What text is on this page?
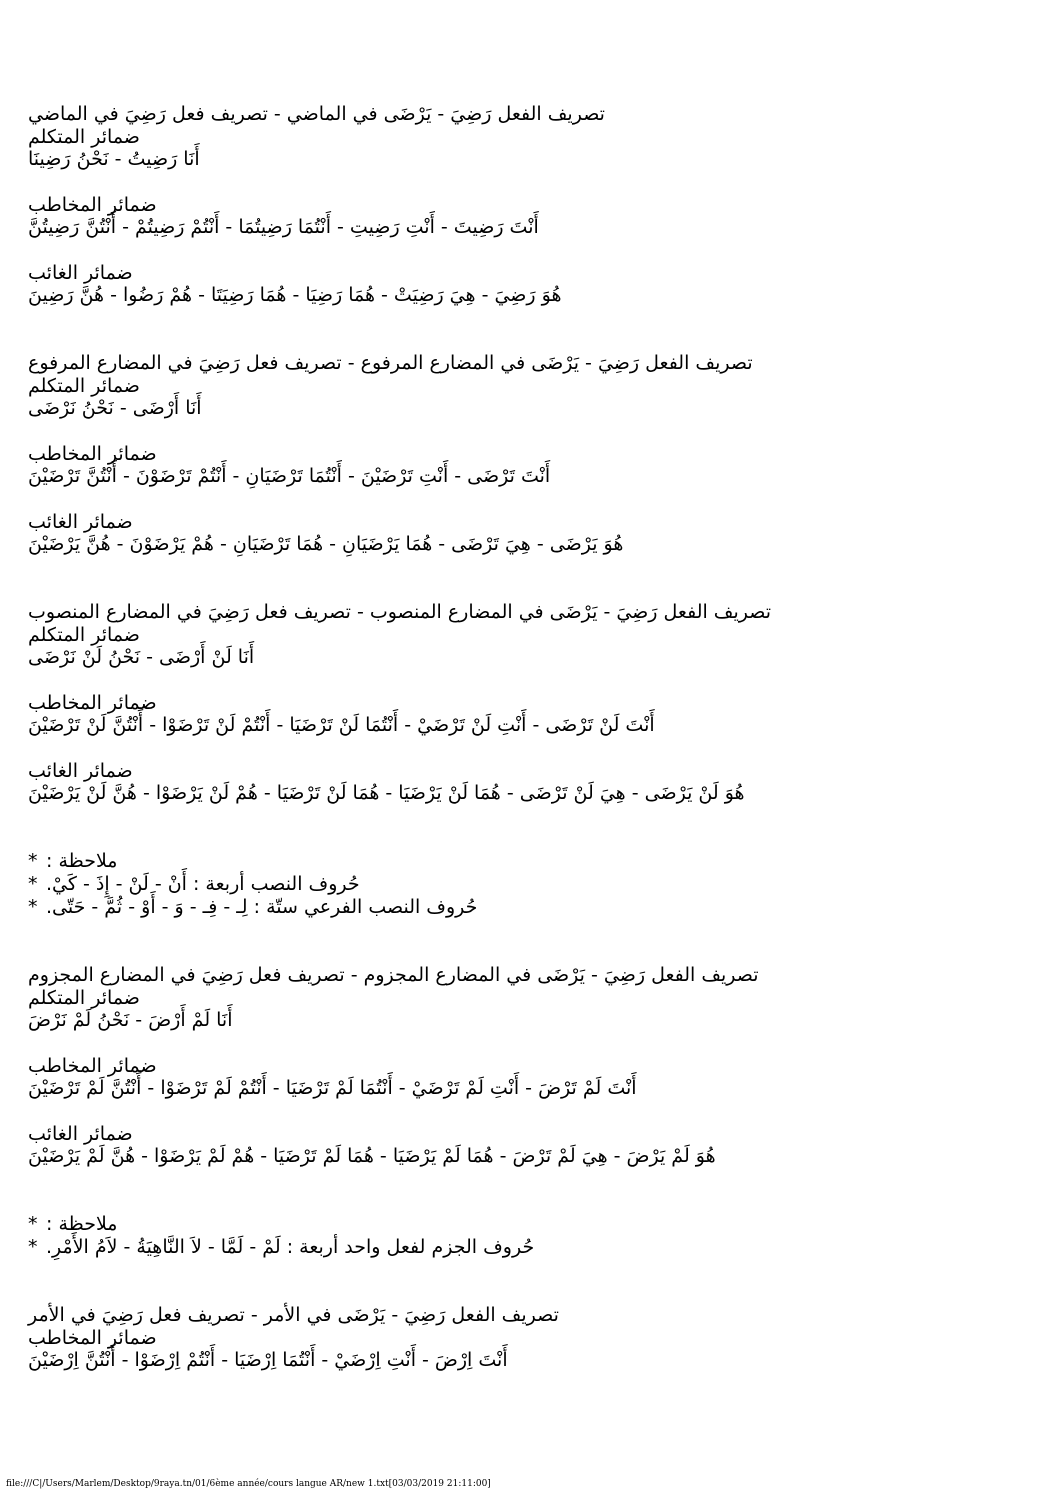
تصريف الفعل رَضِيَ - يَرْضَى في الماضي - تصريف فعل رَضِيَ في الماضي
ضمائر المتكلم
أَنَا رَضِيتُ - نَحْنُ رَضِينَا
ضمائر المخاطب
أَنْتَ رَضِيتَ - أَنْتِ رَضِيتِ - أَنْتُمَا رَضِيتُمَا - أَنْتُمْ رَضِيتُمْ - أَنْتُنَّ رَضِيتُنَّ
ضمائر الغائب
هُوَ رَضِيَ - هِيَ رَضِيَتْ - هُمَا رَضِيَا - هُمَا رَضِيَتَا - هُمْ رَضُوا - هُنَّ رَضِينَ
تصريف الفعل رَضِيَ - يَرْضَى في المضارع المرفوع - تصريف فعل رَضِيَ في المضارع المرفوع
ضمائر المتكلم
أَنَا أَرْضَى - نَحْنُ نَرْضَى
ضمائر المخاطب
أَنْتَ تَرْضَى - أَنْتِ تَرْضَيْنَ - أَنْتُمَا تَرْضَيَانِ - أَنْتُمْ تَرْضَوْنَ - أَنْتُنَّ تَرْضَيْنَ
ضمائر الغائب
هُوَ يَرْضَى - هِيَ تَرْضَى - هُمَا يَرْضَيَانِ - هُمَا تَرْضَيَانِ - هُمْ يَرْضَوْنَ - هُنَّ يَرْضَيْنَ
تصريف الفعل رَضِيَ - يَرْضَى في المضارع المنصوب - تصريف فعل رَضِيَ في المضارع المنصوب
ضمائر المتكلم
أَنَا لَنْ أَرْضَى - نَحْنُ لَنْ نَرْضَى
ضمائر المخاطب
أَنْتَ لَنْ تَرْضَى - أَنْتِ لَنْ تَرْضَيْ - أَنْتُمَا لَنْ تَرْضَيَا - أَنْتُمْ لَنْ تَرْضَوْا - أَنْتُنَّ لَنْ تَرْضَيْنَ
ضمائر الغائب
هُوَ لَنْ يَرْضَى - هِيَ لَنْ تَرْضَى - هُمَا لَنْ يَرْضَيَا - هُمَا لَنْ تَرْضَيَا - هُمْ لَنْ يَرْضَوْا - هُنَّ لَنْ يَرْضَيْنَ
* ملاحظة :
* حُروف النصب أربعة : أَنْ - لَنْ - إِذَ - كَيْ.
* حُروف النصب الفرعي ستّة : لِـ - فِـ - وَ - أَوْ - ثُمَّ - حَتّى.
تصريف الفعل رَضِيَ - يَرْضَى في المضارع المجزوم - تصريف فعل رَضِيَ في المضارع المجزوم
ضمائر المتكلم
أَنَا لَمْ أَرْضَ - نَحْنُ لَمْ نَرْضَ
ضمائر المخاطب
أَنْتَ لَمْ تَرْضَ - أَنْتِ لَمْ تَرْضَيْ - أَنْتُمَا لَمْ تَرْضَيَا - أَنْتُمْ لَمْ تَرْضَوْا - أَنْتُنَّ لَمْ تَرْضَيْنَ
ضمائر الغائب
هُوَ لَمْ يَرْضَ - هِيَ لَمْ تَرْضَ - هُمَا لَمْ يَرْضَيَا - هُمَا لَمْ تَرْضَيَا - هُمْ لَمْ يَرْضَوْا - هُنَّ لَمْ يَرْضَيْنَ
* ملاحظة :
* حُروف الجزم لفعل واحد أربعة : لَمْ - لَمَّا - لاَ النَّاهِيَةُ - لاَمُ الأَمْرِ.
تصريف الفعل رَضِيَ - يَرْضَى في الأمر - تصريف فعل رَضِيَ في الأمر
ضمائر المخاطب
أَنْتَ اِرْضَ - أَنْتِ اِرْضَيْ - أَنْتُمَا اِرْضَيَا - أَنْتُمْ اِرْضَوْا - أَنْتُنَّ اِرْضَيْنَ
file:///C|/Users/Marlem/Desktop/9raya.tn/01/6ème année/cours langue AR/new 1.txt[03/03/2019 21:11:00]
